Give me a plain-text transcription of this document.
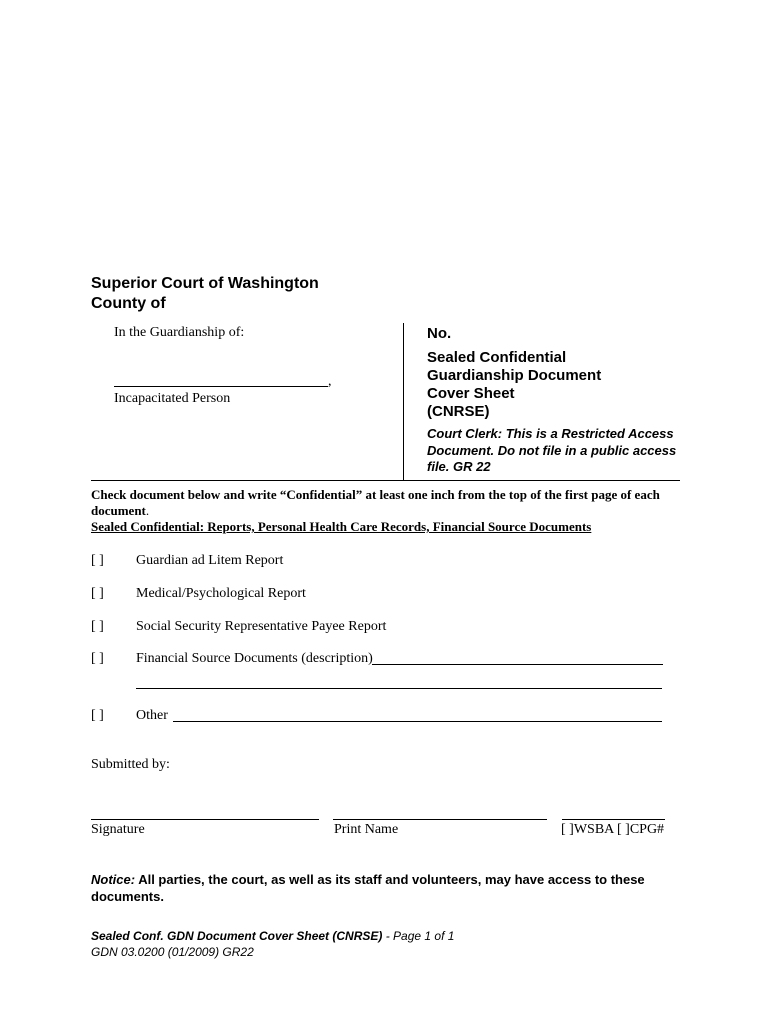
Superior Court of Washington
County of
In the Guardianship of:
,
Incapacitated Person
No.
Sealed Confidential
Guardianship Document
Cover Sheet
(CNRSE)
Court Clerk: This is a Restricted Access Document. Do not file in a public access file. GR 22
Check document below and write “Confidential” at least one inch from the top of the first page of each document.
Sealed Confidential: Reports, Personal Health Care Records, Financial Source Documents
[ ] Guardian ad Litem Report
[ ] Medical/Psychological Report
[ ] Social Security Representative Payee Report
[ ] Financial Source Documents (description)
[ ] Other
Submitted by:
Signature	Print Name	[ ]WSBA [ ]CPG#
Notice: All parties, the court, as well as its staff and volunteers, may have access to these documents.
Sealed Conf. GDN Document Cover Sheet (CNRSE) - Page 1 of 1
GDN 03.0200 (01/2009) GR22
